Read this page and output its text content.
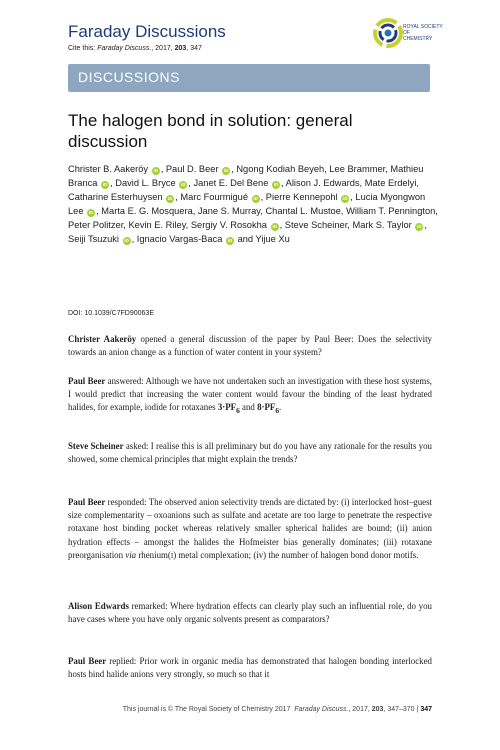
Faraday Discussions
Cite this: Faraday Discuss., 2017, 203, 347
ROYAL SOCIETY OF CHEMISTRY
DISCUSSIONS
The halogen bond in solution: general discussion
Christer B. Aakeröy iD , Paul D. Beer iD , Ngong Kodiah Beyeh, Lee Brammer, Mathieu Branca iD , David L. Bryce iD , Janet E. Del Bene iD , Alison J. Edwards, Mate Erdelyi, Catharine Esterhuysen iD , Marc Fourmigué iD , Pierre Kennepohl iD , Lucia Myongwon Lee iD , Marta E. G. Mosquera, Jane S. Murray, Chantal L. Mustoe, William T. Pennington, Peter Politzer, Kevin E. Riley, Sergiy V. Rosokha iD , Steve Scheiner, Mark S. Taylor iD , Seiji Tsuzuki iD , Ignacio Vargas-Baca iD and Yijue Xu
DOI: 10.1039/C7FD90063E
Christer Aakeröy opened a general discussion of the paper by Paul Beer: Does the selectivity towards an anion change as a function of water content in your system?
Paul Beer answered: Although we have not undertaken such an investigation with these host systems, I would predict that increasing the water content would favour the binding of the least hydrated halides, for example, iodide for rotaxanes $3\cdot PF_6$ and $8\cdot PF_6$.
Steve Scheiner asked: I realise this is all preliminary but do you have any rationale for the results you showed, some chemical principles that might explain the trends?
Paul Beer responded: The observed anion selectivity trends are dictated by: (i) interlocked host–guest size complementarity – oxoanions such as sulfate and acetate are too large to penetrate the respective rotaxane host binding pocket whereas relatively smaller spherical halides are bound; (ii) anion hydration effects – amongst the halides the Hofmeister bias generally dominates; (iii) rotaxane preorganisation via rhenium(I) metal complexation; (iv) the number of halogen bond donor motifs.
Alison Edwards remarked: Where hydration effects can clearly play such an influential role, do you have cases where you have only organic solvents present as comparators?
Paul Beer replied: Prior work in organic media has demonstrated that halogen bonding interlocked hosts bind halide anions very strongly, so much so that it
This journal is © The Royal Society of Chemistry 2017 Faraday Discuss., 2017, 203, 347–370 | 347
